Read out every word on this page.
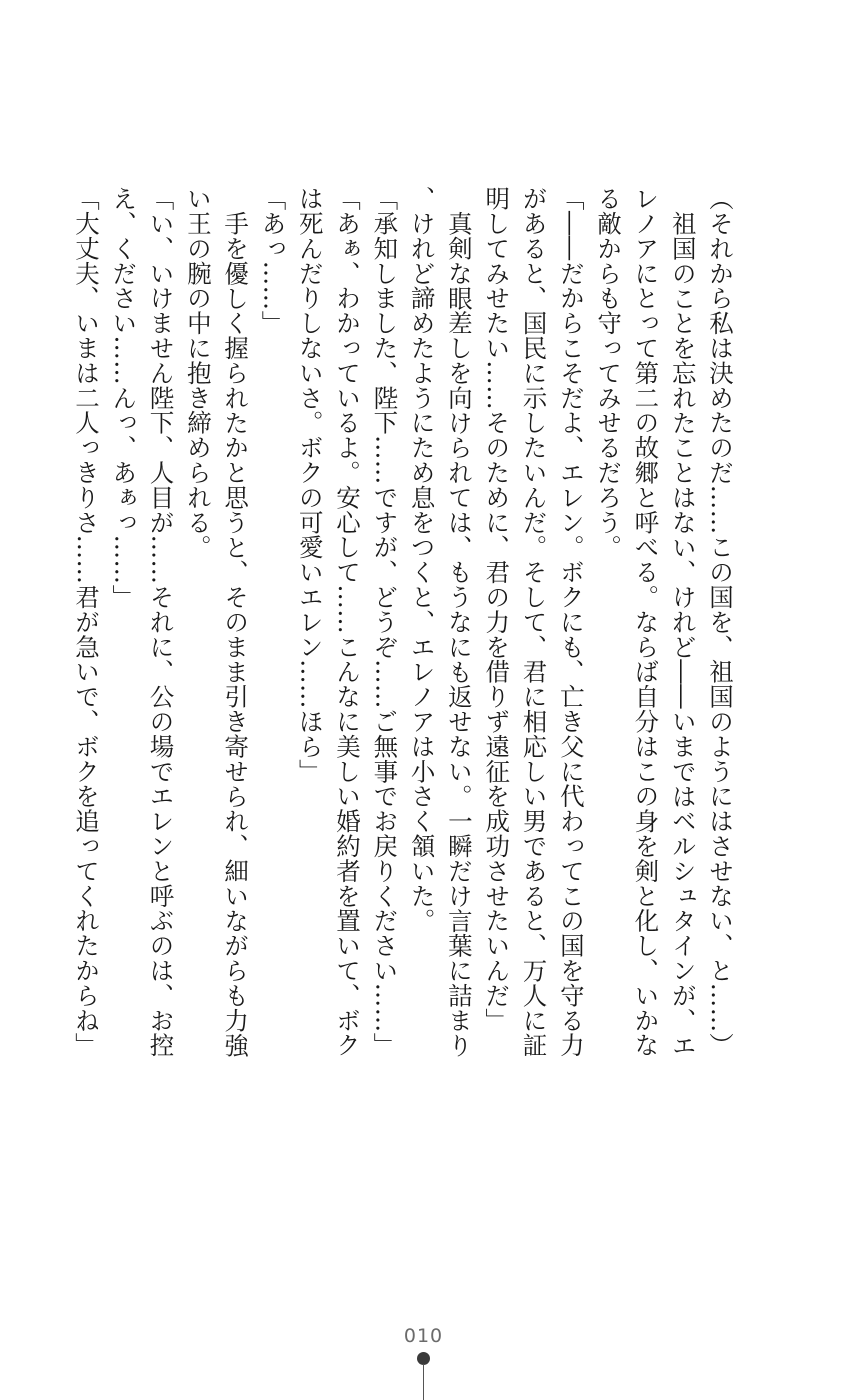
（それから私は決めたのだ……この国を、祖国のようにはさせない、と……）

祖国のことを忘れたことはない、けれど――いまではベルシュタインが、エレノアにとって第二の故郷と呼べる。ならば自分はこの身を剣と化し、いかなる敵からも守ってみせるだろう。

「――だからこそだよ、エレン。ボクにも、亡き父に代わってこの国を守る力があると、国民に示したいんだ。そして、君に相応しい男であると、万人に証明してみせたい……そのために、君の力を借りず遠征を成功させたいんだ」

真剣な眼差しを向けられては、もうなにも返せない。一瞬だけ言葉に詰まり、けれど諦めたようにため息をつくと、エレノアは小さく頷いた。

「承知しました、陛下……ですが、どうぞ……ご無事でお戻りください……」

「あぁ、わかっているよ。安心して……こんなに美しい婚約者を置いて、ボクは死んだりしないさ。ボクの可愛いエレン……ほら」

「あっ……」

手を優しく握られたかと思うと、そのまま引き寄せられ、細いながらも力強い王の腕の中に抱き締められる。

「い、いけません陛下、人目が……それに、公の場でエレンと呼ぶのは、お控え、ください……んっ、あぁっ……」

「大丈夫、いまは二人っきりさ……君が急いで、ボクを追ってくれたからね」

010
